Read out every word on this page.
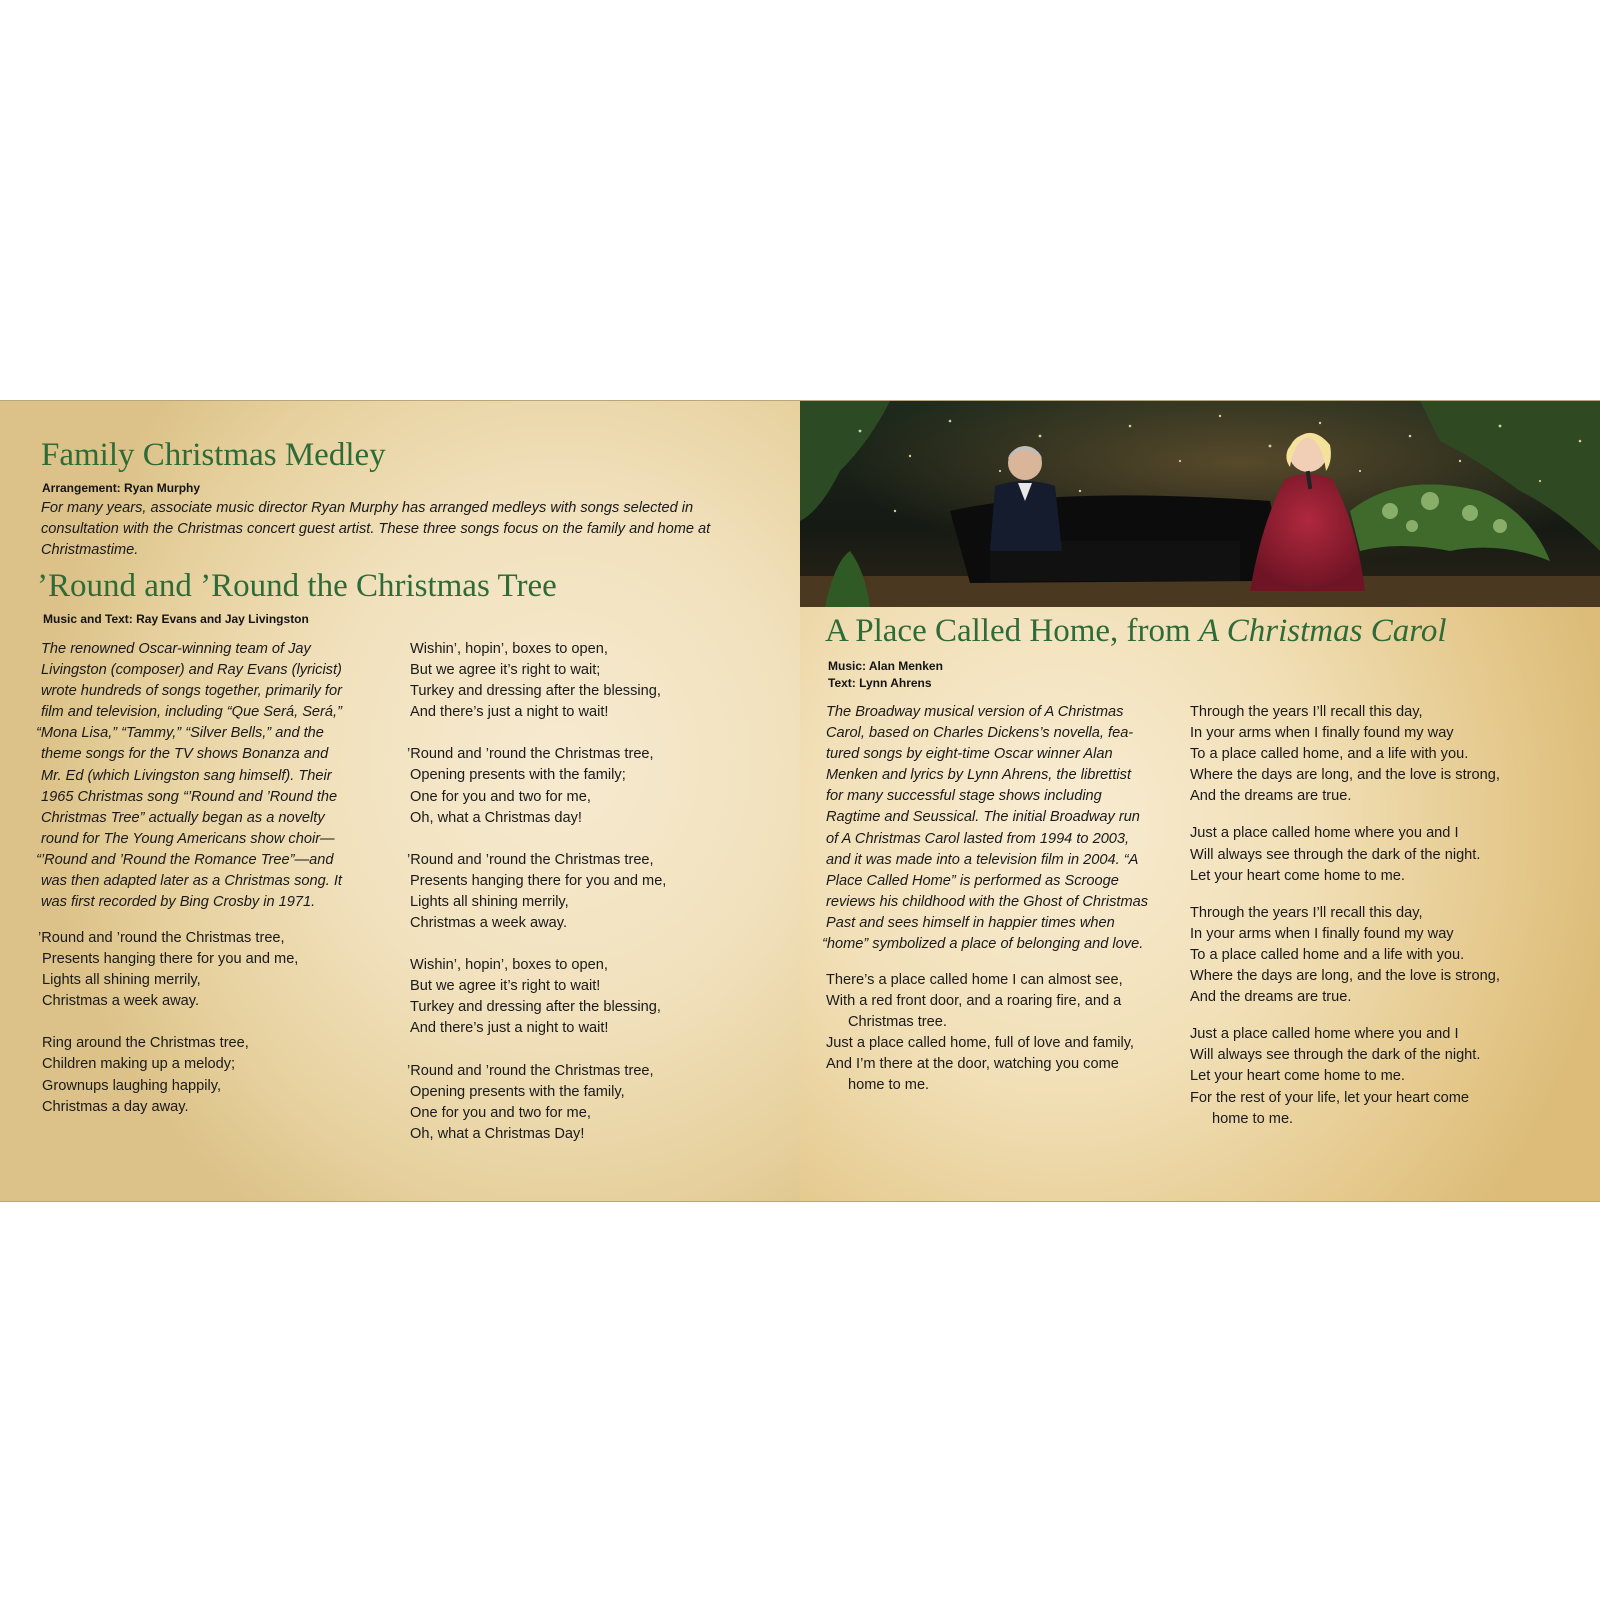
Family Christmas Medley
Arrangement: Ryan Murphy
For many years, associate music director Ryan Murphy has arranged medleys with songs selected in consultation with the Christmas concert guest artist. These three songs focus on the family and home at Christmastime.
’Round and ’Round the Christmas Tree
Music and Text: Ray Evans and Jay Livingston
The renowned Oscar-winning team of Jay
Livingston (composer) and Ray Evans (lyricist)
wrote hundreds of songs together, primarily for
film and television, including “Que Será, Será,”
“Mona Lisa,” “Tammy,” “Silver Bells,” and the
theme songs for the TV shows Bonanza and
Mr. Ed (which Livingston sang himself). Their
1965 Christmas song “’Round and ’Round the
Christmas Tree” actually began as a novelty
round for The Young Americans show choir—
“’Round and ’Round the Romance Tree”—and
was then adapted later as a Christmas song. It
was first recorded by Bing Crosby in 1971.
’Round and ’round the Christmas tree,
Presents hanging there for you and me,
Lights all shining merrily,
Christmas a week away.
Ring around the Christmas tree,
Children making up a melody;
Grownups laughing happily,
Christmas a day away.
Wishin’, hopin’, boxes to open,
But we agree it’s right to wait;
Turkey and dressing after the blessing,
And there’s just a night to wait!
’Round and ’round the Christmas tree,
Opening presents with the family;
One for you and two for me,
Oh, what a Christmas day!
’Round and ’round the Christmas tree,
Presents hanging there for you and me,
Lights all shining merrily,
Christmas a week away.
Wishin’, hopin’, boxes to open,
But we agree it’s right to wait!
Turkey and dressing after the blessing,
And there’s just a night to wait!
’Round and ’round the Christmas tree,
Opening presents with the family,
One for you and two for me,
Oh, what a Christmas Day!
A Place Called Home, from A Christmas Carol
Music: Alan Menken
Text: Lynn Ahrens
The Broadway musical version of A Christmas
Carol, based on Charles Dickens’s novella, fea-
tured songs by eight-time Oscar winner Alan
Menken and lyrics by Lynn Ahrens, the librettist
for many successful stage shows including
Ragtime and Seussical. The initial Broadway run
of A Christmas Carol lasted from 1994 to 2003,
and it was made into a television film in 2004. “A
Place Called Home” is performed as Scrooge
reviews his childhood with the Ghost of Christmas
Past and sees himself in happier times when
“home” symbolized a place of belonging and love.
There’s a place called home I can almost see,
With a red front door, and a roaring fire, and a
Christmas tree.
Just a place called home, full of love and family,
And I’m there at the door, watching you come
home to me.
Through the years I’ll recall this day,
In your arms when I finally found my way
To a place called home, and a life with you.
Where the days are long, and the love is strong,
And the dreams are true.
Just a place called home where you and I
Will always see through the dark of the night.
Let your heart come home to me.
Through the years I’ll recall this day,
In your arms when I finally found my way
To a place called home and a life with you.
Where the days are long, and the love is strong,
And the dreams are true.
Just a place called home where you and I
Will always see through the dark of the night.
Let your heart come home to me.
For the rest of your life, let your heart come
home to me.
